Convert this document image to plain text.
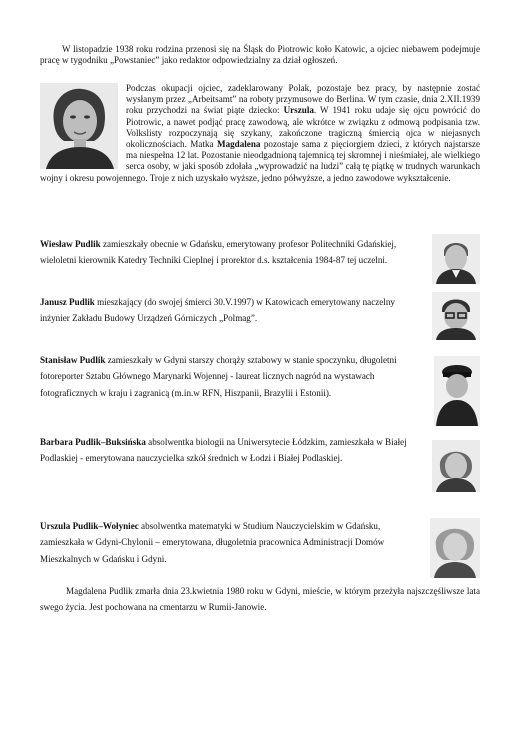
W listopadzie 1938 roku rodzina przenosi się na Śląsk do Piotrowic koło Katowic, a ojciec niebawem podejmuje pracę w tygodniku „Powstaniec” jako redaktor odpowiedzialny za dział ogłoszeń.
Podczas okupacji ojciec, zadeklarowany Polak, pozostaje bez pracy, by następnie zostać wysłanym przez „Arbeitsamt” na roboty przymusowe do Berlina. W tym czasie, dnia 2.XII.1939 roku przychodzi na świat piąte dziecko: Urszula. W 1941 roku udaje się ojcu powrócić do Piotrowic, a nawet podjąć pracę zawodową, ale wkrótce w związku z odmową podpisania tzw. Volkslisty rozpoczynają się szykany, zakończone tragiczną śmiercią ojca w niejasnych okolicznościach. Matka Magdalena pozostaje sama z pięciorgiem dzieci, z których najstarsze ma niespełna 12 lat. Pozostanie nieodgadnioną tajemnicą tej skromnej i nieśmiałej, ale wielkiego serca osoby, w jaki sposób zdołała „wyprowadzić na ludzi” całą tę piątkę w trudnych warunkach wojny i okresu powojennego. Troje z nich uzyskało wyższe, jedno półwyższe, a jedno zawodowe wykształcenie.
Wiesław Pudlik zamieszkały obecnie w Gdańsku, emerytowany profesor Politechniki Gdańskiej, wieloletni kierownik Katedry Techniki Cieplnej i prorektor d.s. kształcenia 1984-87 tej uczelni.
Janusz Pudlik mieszkający (do swojej śmierci 30.V.1997) w Katowicach emerytowany naczelny inżynier Zakładu Budowy Urządzeń Górniczych „Polmag”.
Stanisław Pudlik zamieszkały w Gdyni starszy chorąży sztabowy w stanie spoczynku, długoletni fotoreporter Sztabu Głównego Marynarki Wojennej - laureat licznych nagród na wystawach fotograficznych w kraju i zagranicą (m.in.w RFN, Hiszpanii, Brazylii i Estonii).
Barbara Pudlik–Buksińska absolwentka biologii na Uniwersytecie Łódzkim, zamieszkała w Białej Podlaskiej - emerytowana nauczycielka szkół średnich w Łodzi i Białej Podlaskiej.
Urszula Pudlik–Wołyniec absolwentka matematyki w Studium Nauczycielskim w Gdańsku, zamieszkała w Gdyni-Chylonii – emerytowana, długoletnia pracownica Administracji Domów Mieszkalnych w Gdańsku i Gdyni.
Magdalena Pudlik zmarła dnia 23.kwietnia 1980 roku w Gdyni, mieście, w którym przeżyła najszczęśliwsze lata swego życia. Jest pochowana na cmentarzu w Rumii-Janowie.
